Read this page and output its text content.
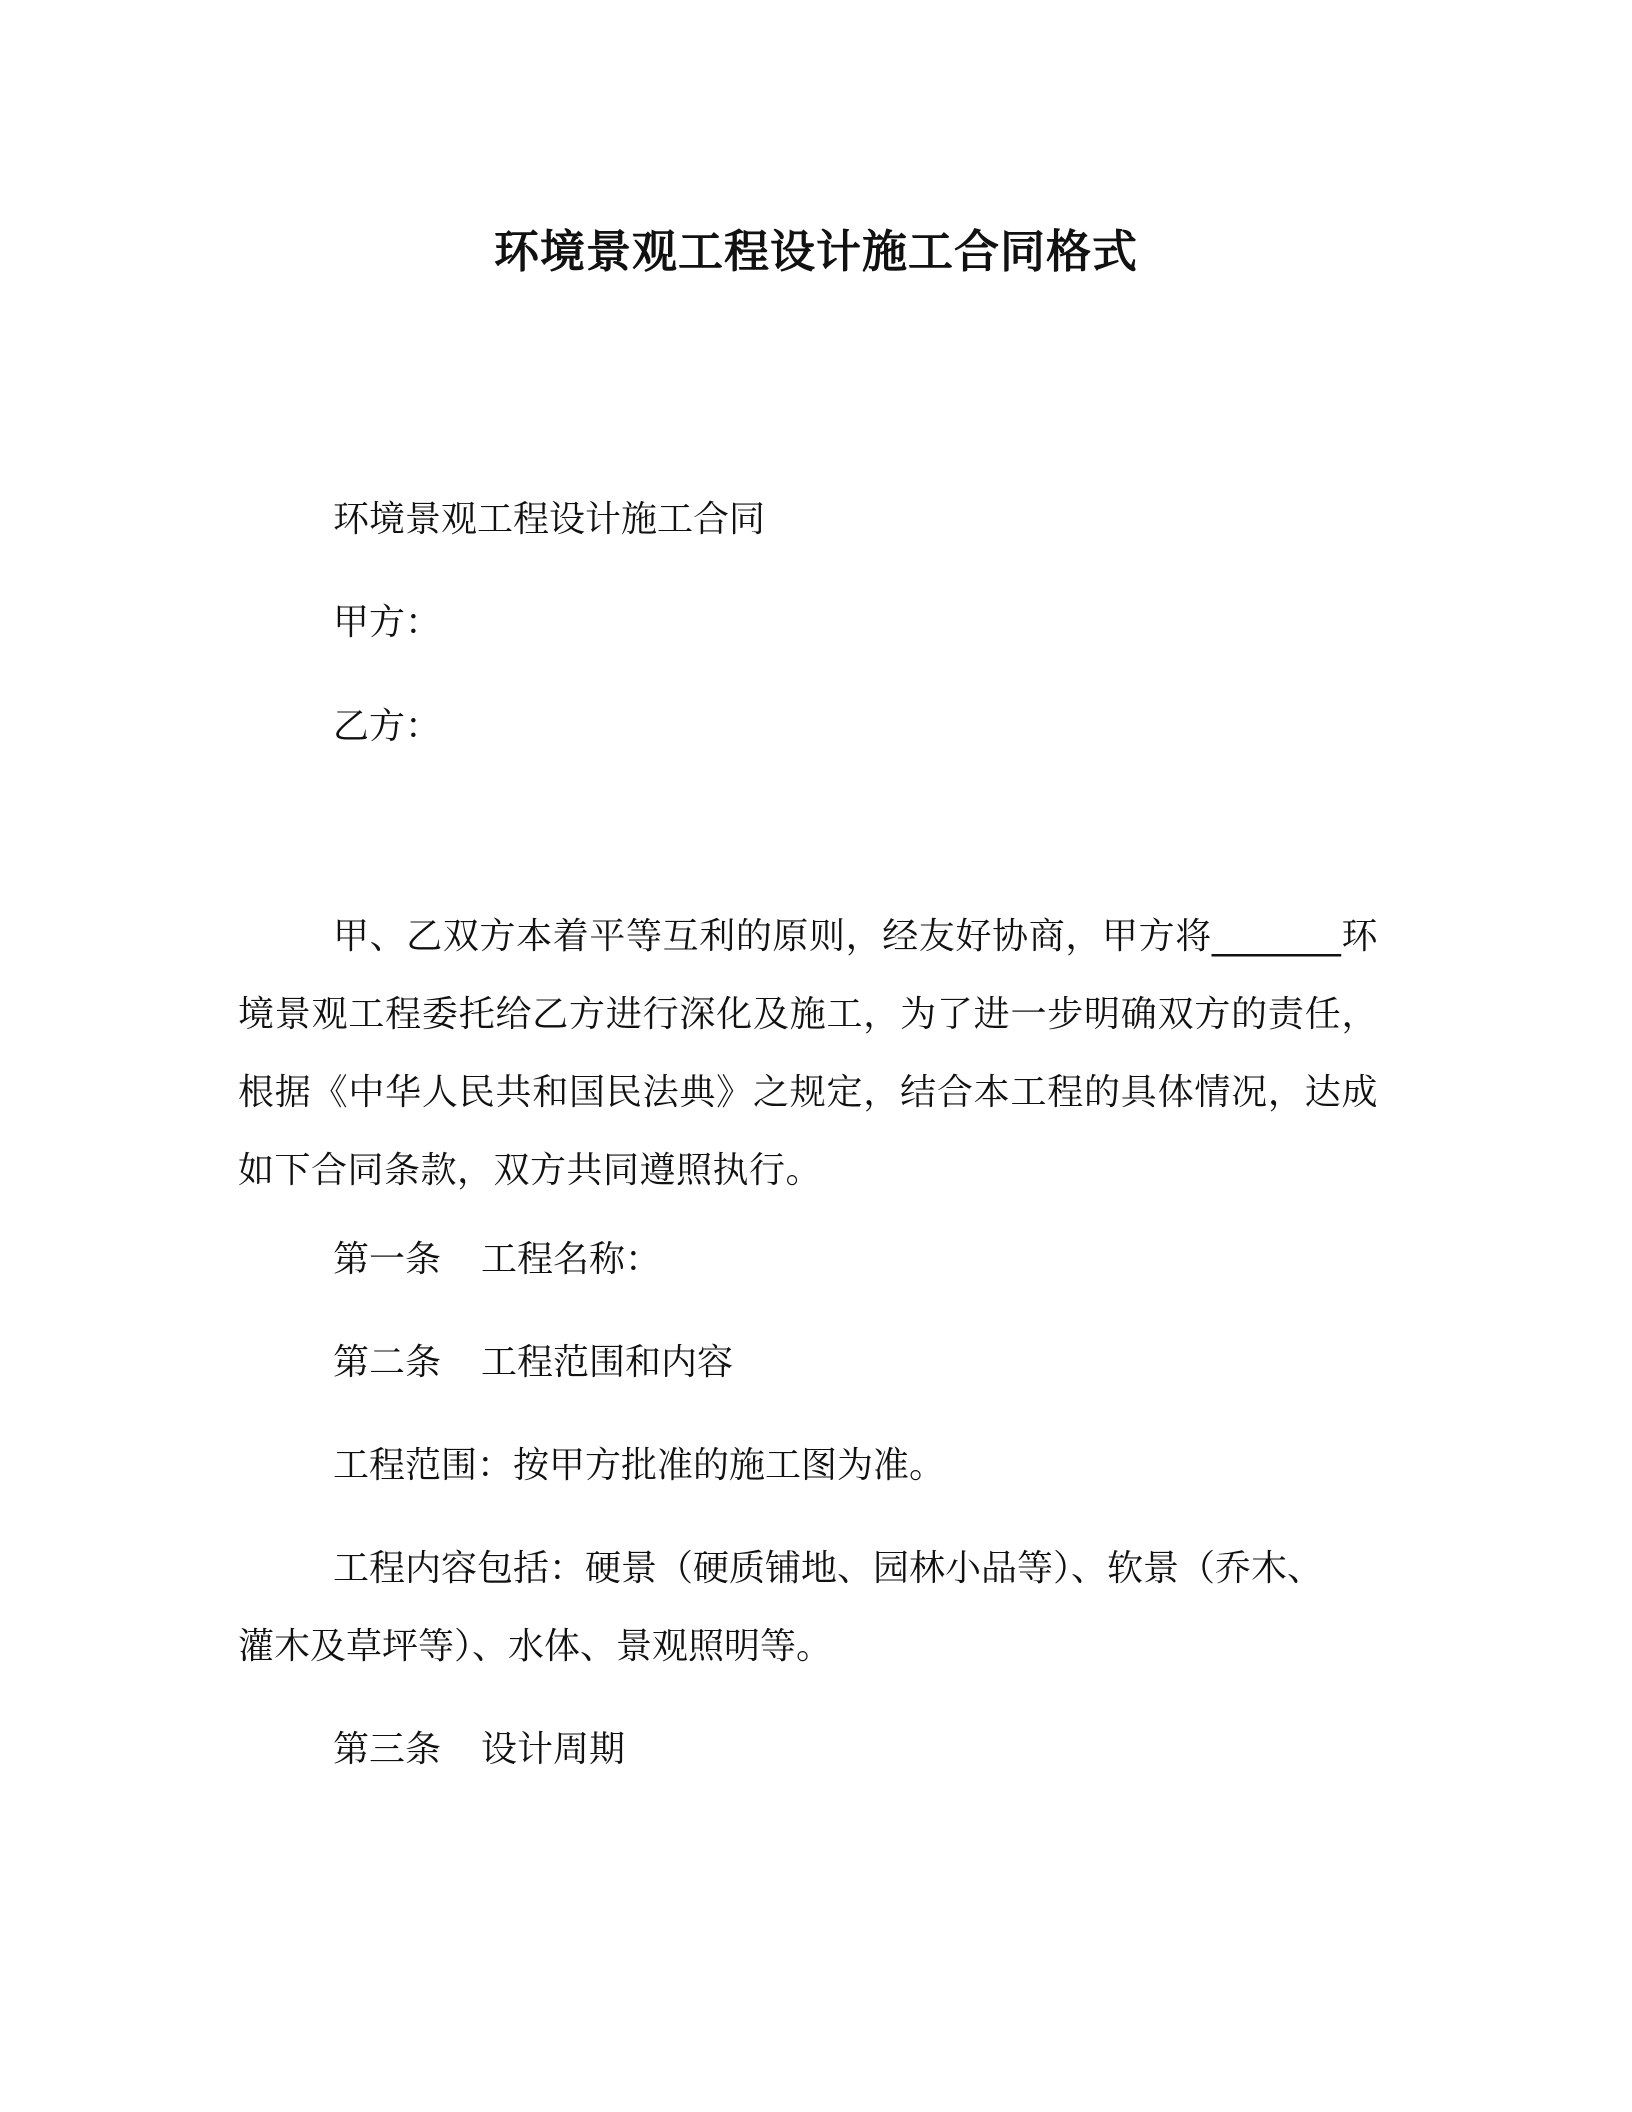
环境景观工程设计施工合同格式
环境景观工程设计施工合同
甲方：
乙方：
甲、乙双方本着平等互利的原则，经友好协商，甲方将_______环境景观工程委托给乙方进行深化及施工，为了进一步明确双方的责任，根据《中华人民共和国民法典》之规定，结合本工程的具体情况，达成如下合同条款，双方共同遵照执行。
第一条 工程名称：
第二条 工程范围和内容
工程范围：按甲方批准的施工图为准。
工程内容包括：硬景（硬质铺地、园林小品等）、软景（乔木、
灌木及草坪等）、水体、景观照明等。
第三条 设计周期
